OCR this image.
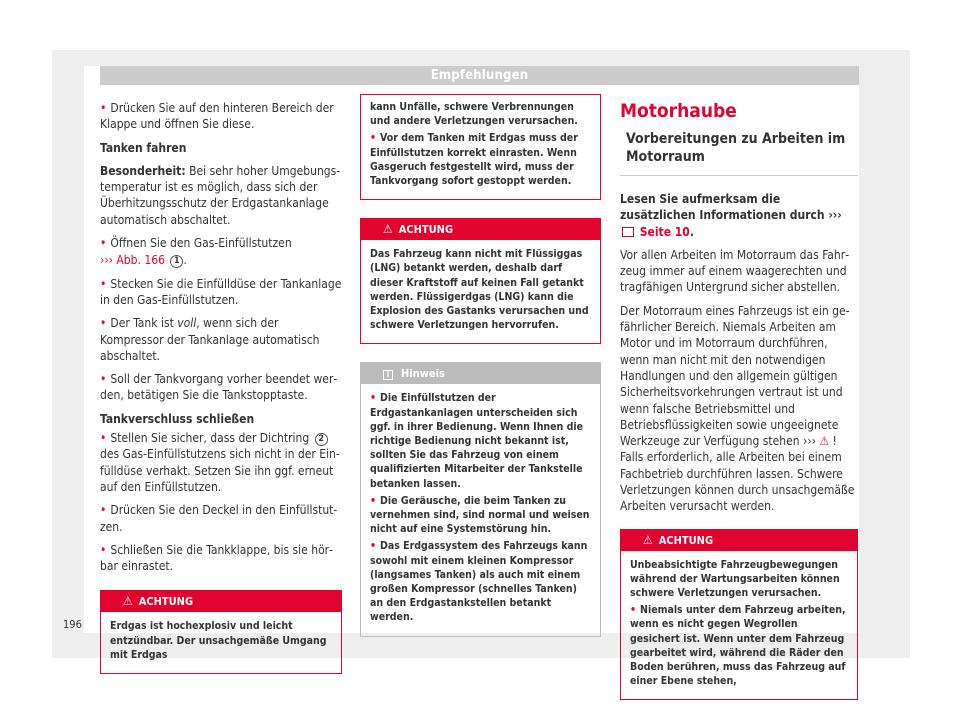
Empfehlungen

• Drücken Sie auf den hinteren Bereich der Klappe und öffnen Sie diese.

Tanken fahren

Besonderheit: Bei sehr hoher Umgebungstemperatur ist es möglich, dass sich der Überhitzungsschutz der Erdgastankanlage automatisch abschaltet.

• Öffnen Sie den Gas-Einfüllstutzen

››› Abb. 166 1 .

• Stecken Sie die Einfülldüse der Tankanlage in den Gas-Einfüllstutzen.

• Der Tank ist voll, wenn sich der Kompressor der Tankanlage automatisch abschaltet.

• Soll der Tankvorgang vorher beendet werden, betätigen Sie die Tankstopptaste.

Tankverschluss schließen

• Stellen Sie sicher, dass der Dichtring 2 des Gas-Einfüllstutzens sich nicht in der Einfülldüse verhakt. Setzen Sie ihn ggf. erneut auf den Einfüllstutzen.

• Drücken Sie den Deckel in den Einfüllstutzen.

• Schließen Sie die Tankklappe, bis sie hörbar einrastet.

⚠ ACHTUNG

Erdgas ist hochexplosiv und leicht entzündbar. Der unsachgemäße Umgang mit Erdgas

kann Unfälle, schwere Verbrennungen und andere Verletzungen verursachen.

• Vor dem Tanken mit Erdgas muss der Einfüllstutzen korrekt einrasten. Wenn Gasgeruch festgestellt wird, muss der Tankvorgang sofort gestoppt werden.

⚠ ACHTUNG

Das Fahrzeug kann nicht mit Flüssiggas (LNG) betankt werden, deshalb darf dieser Kraftstoff auf keinen Fall getankt werden. Flüssigerdgas (LNG) kann die Explosion des Gastanks verursachen und schwere Verletzungen hervorrufen.

i Hinweis

• Die Einfüllstutzen der Erdgastankanlagen unterscheiden sich ggf. in ihrer Bedienung. Wenn Ihnen die richtige Bedienung nicht bekannt ist, sollten Sie das Fahrzeug von einem qualifizierten Mitarbeiter der Tankstelle betanken lassen.

• Die Geräusche, die beim Tanken zu vernehmen sind, sind normal und weisen nicht auf eine Systemstörung hin.

• Das Erdgassystem des Fahrzeugs kann sowohl mit einem kleinen Kompressor (langsames Tanken) als auch mit einem großen Kompressor (schnelles Tanken) an den Erdgastankstellen betankt werden.

Motorhaube
Vorbereitungen zu Arbeiten im Motorraum

Lesen Sie aufmerksam die zusätzlichen Informationen durch ›››  Seite 10.

Vor allen Arbeiten im Motorraum das Fahrzeug immer auf einem waagerechten und tragfähigen Untergrund sicher abstellen.

Der Motorraum eines Fahrzeugs ist ein gefährlicher Bereich. Niemals Arbeiten am Motor und im Motorraum durchführen, wenn man nicht mit den notwendigen Handlungen und den allgemein gültigen Sicherheitsvorkehrungen vertraut ist und wenn falsche Betriebsmittel und Betriebsflüssigkeiten sowie ungeeignete Werkzeuge zur Verfügung stehen ››› ⚠ ! Falls erforderlich, alle Arbeiten bei einem Fachbetrieb durchführen lassen. Schwere Verletzungen können durch unsachgemäße Arbeiten verursacht werden.

⚠ ACHTUNG

Unbeabsichtigte Fahrzeugbewegungen während der Wartungsarbeiten können schwere Verletzungen verursachen.

• Niemals unter dem Fahrzeug arbeiten, wenn es nicht gegen Wegrollen gesichert ist. Wenn unter dem Fahrzeug gearbeitet wird, während die Räder den Boden berühren, muss das Fahrzeug auf einer Ebene stehen,

196
